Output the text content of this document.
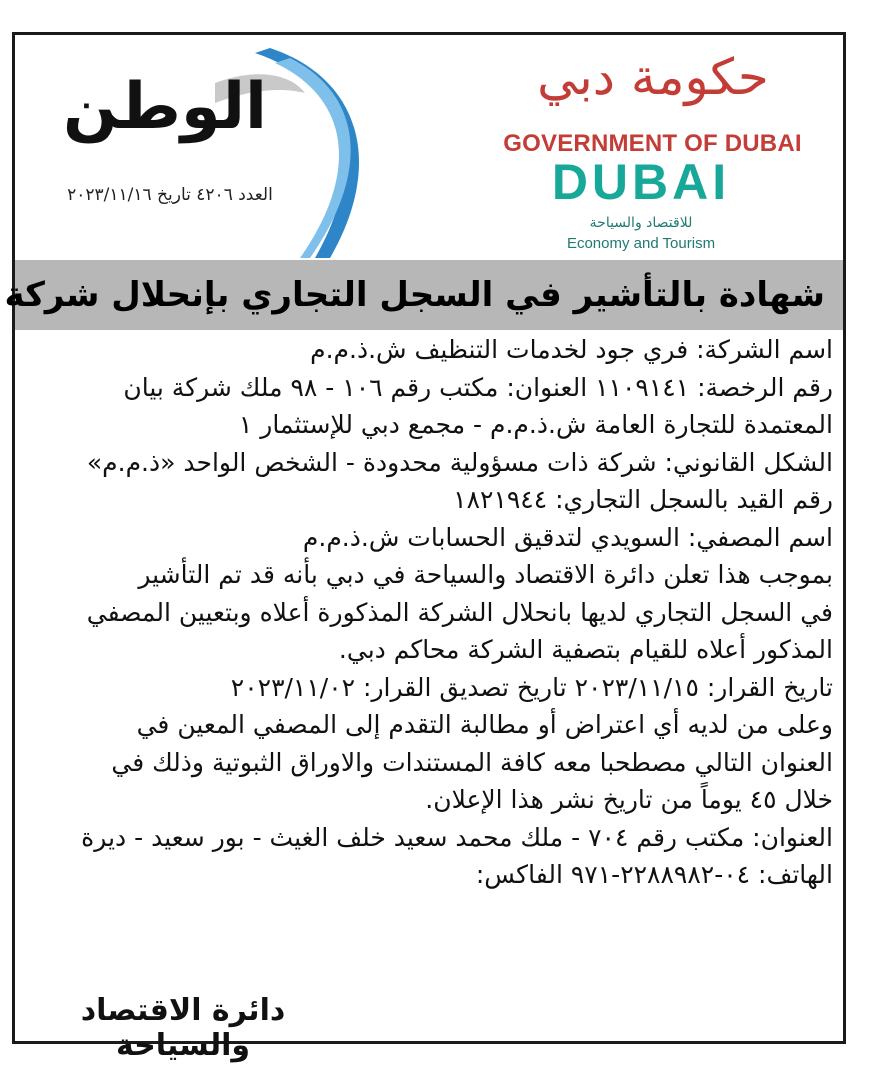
الوطن
العدد ٤٢٠٦ تاريخ ٢٠٢٣/١١/١٦
حكومة دبي
GOVERNMENT OF DUBAI
DUBAI
للاقتصاد والسياحة
Economy and Tourism
شهادة بالتأشير في السجل التجاري بإنحلال شركة

اسم الشركة: فري جود لخدمات التنظيف ش.ذ.م.م

رقم الرخصة: ١١٠٩١٤١ العنوان: مكتب رقم ١٠٦ - ٩٨ ملك شركة بيان

المعتمدة للتجارة العامة ش.ذ.م.م - مجمع دبي للإستثمار ١

الشكل القانوني: شركة ذات مسؤولية محدودة - الشخص الواحد «ذ.م.م»

رقم القيد بالسجل التجاري: ١٨٢١٩٤٤

اسم المصفي: السويدي لتدقيق الحسابات ش.ذ.م.م

بموجب هذا تعلن دائرة الاقتصاد والسياحة في دبي بأنه قد تم التأشير

في السجل التجاري لديها بانحلال الشركة المذكورة أعلاه وبتعيين المصفي

المذكور أعلاه للقيام بتصفية الشركة محاكم دبي.

تاريخ القرار: ٢٠٢٣/١١/١٥ تاريخ تصديق القرار: ٢٠٢٣/١١/٠٢

وعلى من لديه أي اعتراض أو مطالبة التقدم إلى المصفي المعين في

العنوان التالي مصطحبا معه كافة المستندات والاوراق الثبوتية وذلك في

خلال ٤٥ يوماً من تاريخ نشر هذا الإعلان.

العنوان: مكتب رقم ٧٠٤ - ملك محمد سعيد خلف الغيث - بور سعيد - ديرة

الهاتف: ٠٤-٢٢٨٨٩٨٢-٩٧١ الفاكس:

دائرة الاقتصاد والسياحة
